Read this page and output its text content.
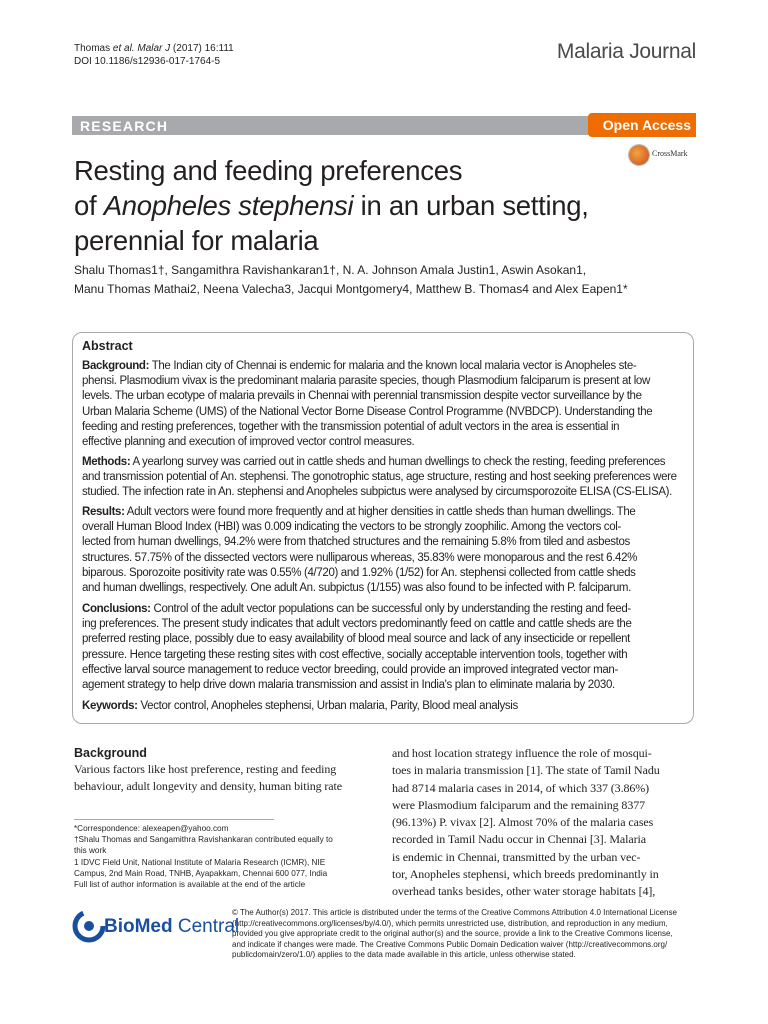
Thomas et al. Malar J (2017) 16:111
DOI 10.1186/s12936-017-1764-5	Malaria Journal
RESEARCH	Open Access
CrossMark
Resting and feeding preferences
of Anopheles stephensi in an urban setting,
perennial for malaria
Shalu Thomas1†, Sangamithra Ravishankaran1†, N. A. Johnson Amala Justin1, Aswin Asokan1,
Manu Thomas Mathai2, Neena Valecha3, Jacqui Montgomery4, Matthew B. Thomas4 and Alex Eapen1*
Abstract
Background: The Indian city of Chennai is endemic for malaria and the known local malaria vector is Anopheles ste-
phensi. Plasmodium vivax is the predominant malaria parasite species, though Plasmodium falciparum is present at low
levels. The urban ecotype of malaria prevails in Chennai with perennial transmission despite vector surveillance by the
Urban Malaria Scheme (UMS) of the National Vector Borne Disease Control Programme (NVBDCP). Understanding the
feeding and resting preferences, together with the transmission potential of adult vectors in the area is essential in
effective planning and execution of improved vector control measures.
Methods: A yearlong survey was carried out in cattle sheds and human dwellings to check the resting, feeding preferences
and transmission potential of An. stephensi. The gonotrophic status, age structure, resting and host seeking preferences were
studied. The infection rate in An. stephensi and Anopheles subpictus were analysed by circumsporozoite ELISA (CS-ELISA).
Results: Adult vectors were found more frequently and at higher densities in cattle sheds than human dwellings. The
overall Human Blood Index (HBI) was 0.009 indicating the vectors to be strongly zoophilic. Among the vectors col-
lected from human dwellings, 94.2% were from thatched structures and the remaining 5.8% from tiled and asbestos
structures. 57.75% of the dissected vectors were nulliparous whereas, 35.83% were monoparous and the rest 6.42%
biparous. Sporozoite positivity rate was 0.55% (4/720) and 1.92% (1/52) for An. stephensi collected from cattle sheds
and human dwellings, respectively. One adult An. subpictus (1/155) was also found to be infected with P. falciparum.
Conclusions: Control of the adult vector populations can be successful only by understanding the resting and feed-
ing preferences. The present study indicates that adult vectors predominantly feed on cattle and cattle sheds are the
preferred resting place, possibly due to easy availability of blood meal source and lack of any insecticide or repellent
pressure. Hence targeting these resting sites with cost effective, socially acceptable intervention tools, together with
effective larval source management to reduce vector breeding, could provide an improved integrated vector man-
agement strategy to help drive down malaria transmission and assist in India's plan to eliminate malaria by 2030.
Keywords: Vector control, Anopheles stephensi, Urban malaria, Parity, Blood meal analysis
Background
Various factors like host preference, resting and feeding
behaviour, adult longevity and density, human biting rate
and host location strategy influence the role of mosqui-
toes in malaria transmission [1]. The state of Tamil Nadu
had 8714 malaria cases in 2014, of which 337 (3.86%)
were Plasmodium falciparum and the remaining 8377
(96.13%) P. vivax [2]. Almost 70% of the malaria cases
recorded in Tamil Nadu occur in Chennai [3]. Malaria
is endemic in Chennai, transmitted by the urban vec-
tor, Anopheles stephensi, which breeds predominantly in
overhead tanks besides, other water storage habitats [4],
*Correspondence: alexeapen@yahoo.com
†Shalu Thomas and Sangamithra Ravishankaran contributed equally to
this work
1 IDVC Field Unit, National Institute of Malaria Research (ICMR), NIE
Campus, 2nd Main Road, TNHB, Ayapakkam, Chennai 600 077, India
Full list of author information is available at the end of the article
BioMed Central
© The Author(s) 2017. This article is distributed under the terms of the Creative Commons Attribution 4.0 International License
(http://creativecommons.org/licenses/by/4.0/), which permits unrestricted use, distribution, and reproduction in any medium,
provided you give appropriate credit to the original author(s) and the source, provide a link to the Creative Commons license,
and indicate if changes were made. The Creative Commons Public Domain Dedication waiver (http://creativecommons.org/
publicdomain/zero/1.0/) applies to the data made available in this article, unless otherwise stated.
